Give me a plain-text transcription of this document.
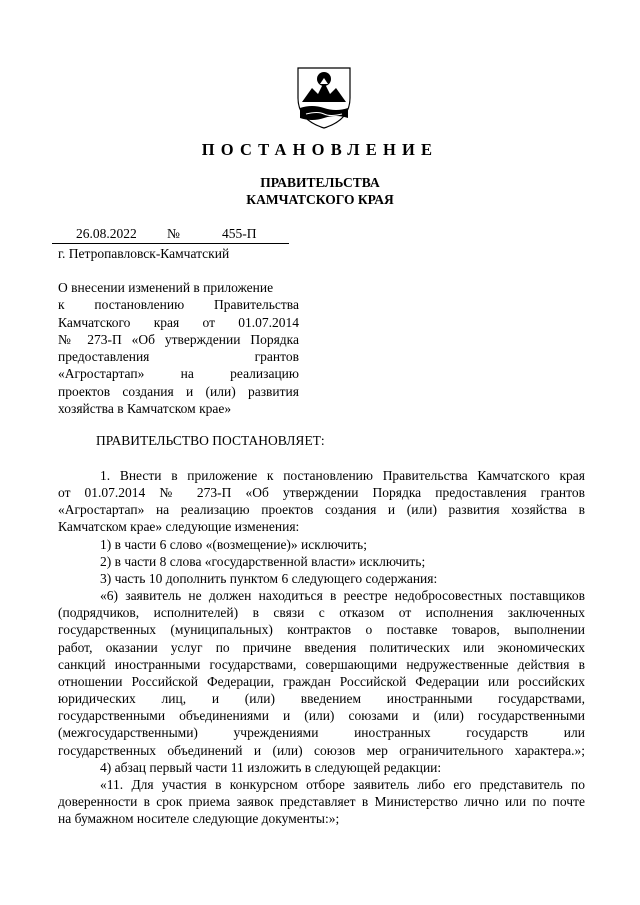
ПОСТАНОВЛЕНИЕ
ПРАВИТЕЛЬСТВА
КАМЧАТСКОГО КРАЯ
26.08.2022 №	455-П
г. Петропавловск-Камчатский
О внесении изменений в приложение
к постановлению Правительства
Камчатского края от 01.07.2014
№ 273-П «Об утверждении Порядка
предоставления грантов
«Агростартап» на реализацию
проектов создания и (или) развития
хозяйства в Камчатском крае»
ПРАВИТЕЛЬСТВО ПОСТАНОВЛЯЕТ:
1. Внести в приложение к постановлению Правительства Камчатского края
от 01.07.2014 № 273-П «Об утверждении Порядка предоставления грантов
«Агростартап» на реализацию проектов создания и (или) развития хозяйства в
Камчатском крае» следующие изменения:
1) в части 6 слово «(возмещение)» исключить;
2) в части 8 слова «государственной власти» исключить;
3) часть 10 дополнить пунктом 6 следующего содержания:
«6) заявитель не должен находиться в реестре недобросовестных поставщиков
(подрядчиков, исполнителей) в связи с отказом от исполнения заключенных
государственных (муниципальных) контрактов о поставке товаров, выполнении
работ, оказании услуг по причине введения политических или экономических
санкций иностранными государствами, совершающими недружественные действия в
отношении Российской Федерации, граждан Российской Федерации или российских
юридических лиц, и (или) введением иностранными государствами,
государственными объединениями и (или) союзами и (или) государственными
(межгосударственными) учреждениями иностранных государств или
государственных объединений и (или) союзов мер ограничительного характера.»;
4) абзац первый части 11 изложить в следующей редакции:
«11. Для участия в конкурсном отборе заявитель либо его представитель по
доверенности в срок приема заявок представляет в Министерство лично или по почте
на бумажном носителе следующие документы:»;
